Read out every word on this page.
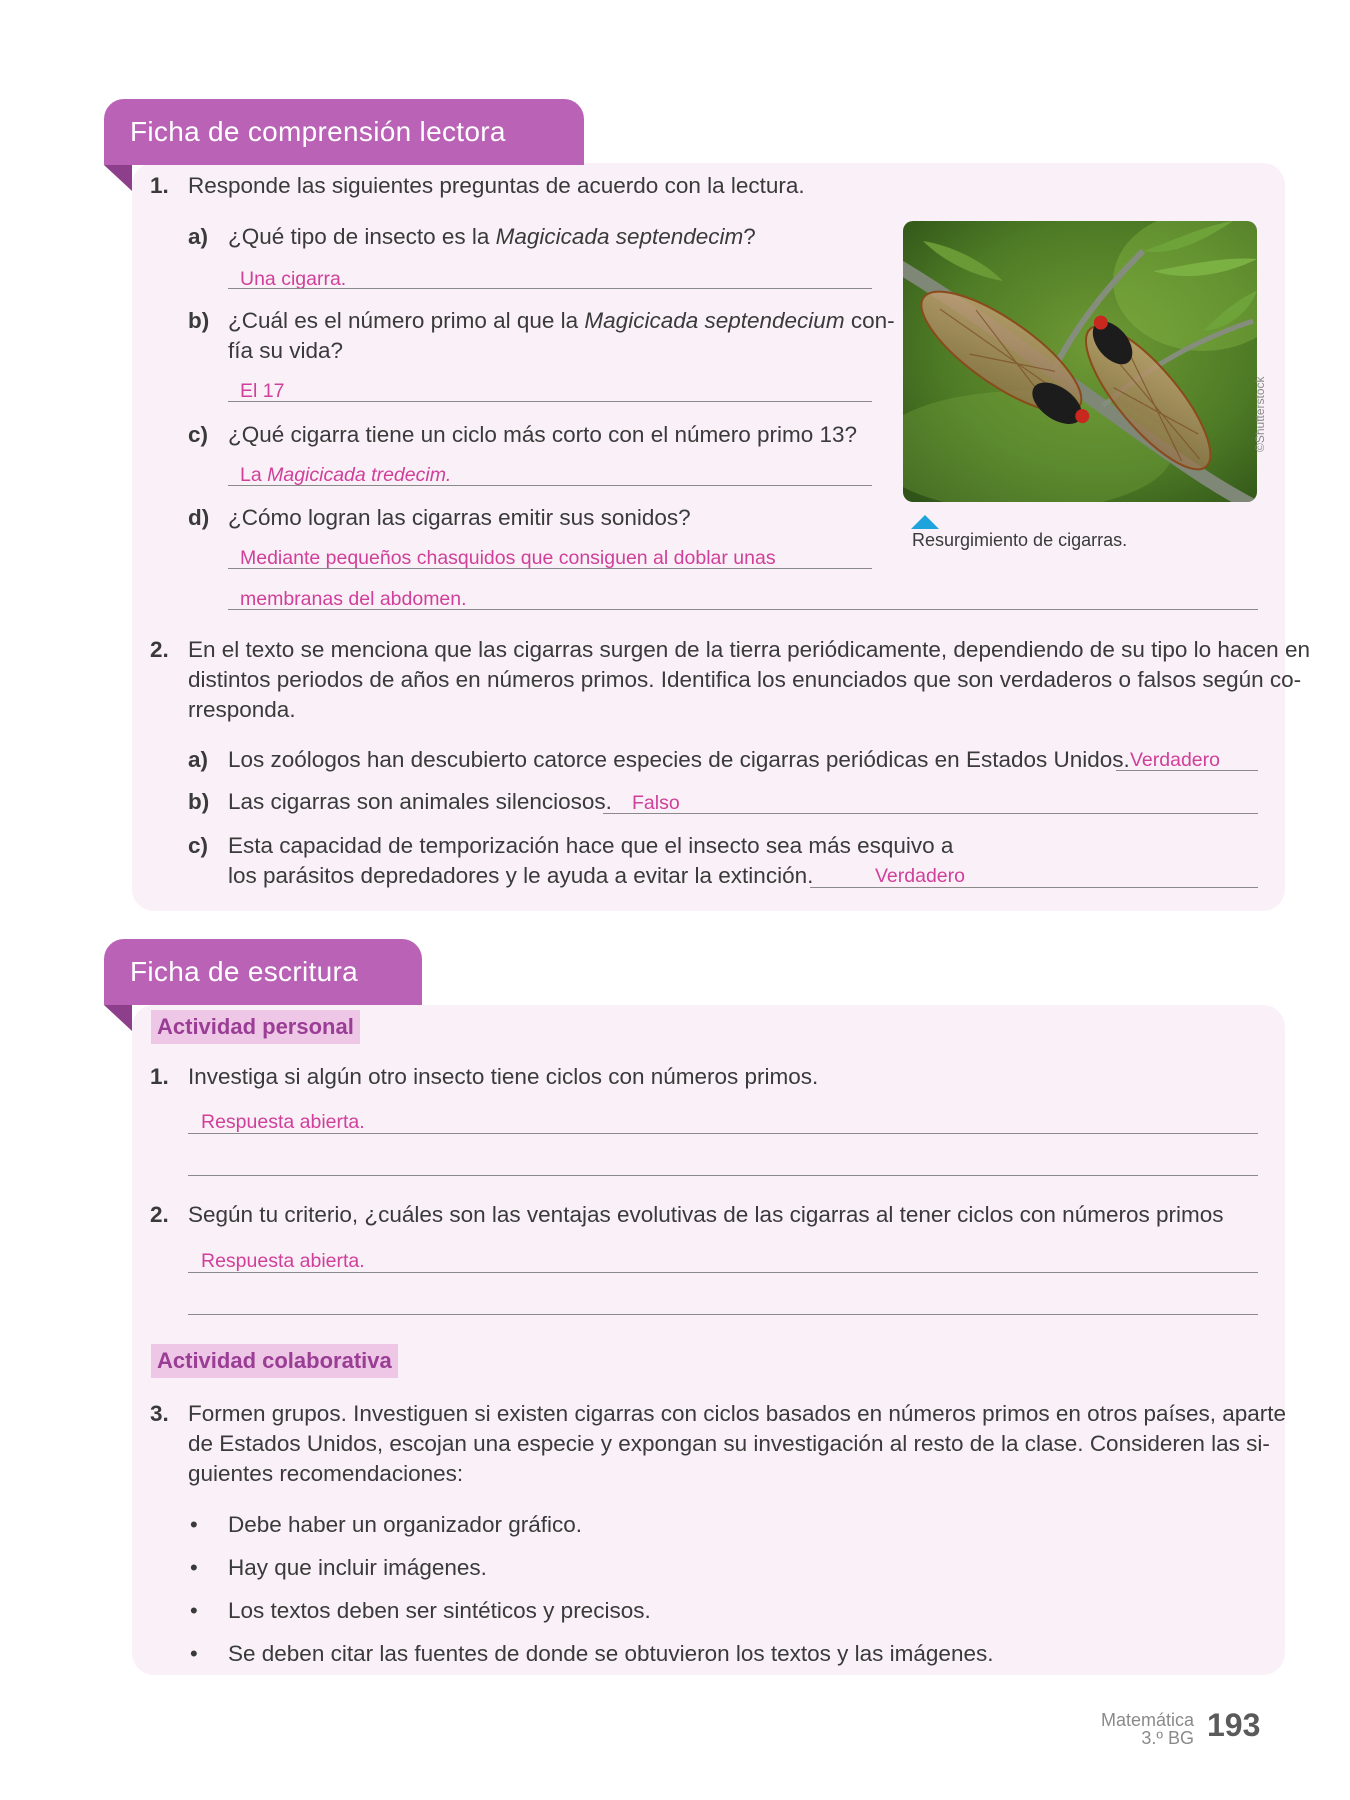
Ficha de comprensión lectora
1. Responde las siguientes preguntas de acuerdo con la lectura.
a) ¿Qué tipo de insecto es la Magicicada septendecim?
Una cigarra.
b) ¿Cuál es el número primo al que la Magicicada septendecium con-
fía su vida?
El 17
c) ¿Qué cigarra tiene un ciclo más corto con el número primo 13?
La Magicicada tredecim.
d) ¿Cómo logran las cigarras emitir sus sonidos?
Mediante pequeños chasquidos que consiguen al doblar unas
membranas del abdomen.
©Shutterstock
Resurgimiento de cigarras.
2. En el texto se menciona que las cigarras surgen de la tierra periódicamente, dependiendo de su tipo lo hacen en
distintos periodos de años en números primos. Identifica los enunciados que son verdaderos o falsos según co-
rresponda.
a) Los zoólogos han descubierto catorce especies de cigarras periódicas en Estados Unidos. Verdadero
b) Las cigarras son animales silenciosos. Falso
c) Esta capacidad de temporización hace que el insecto sea más esquivo a
los parásitos depredadores y le ayuda a evitar la extinción.	Verdadero
Ficha de escritura
Actividad personal
1. Investiga si algún otro insecto tiene ciclos con números primos.
Respuesta abierta.
2. Según tu criterio, ¿cuáles son las ventajas evolutivas de las cigarras al tener ciclos con números primos
Respuesta abierta.
Actividad colaborativa
3. Formen grupos. Investiguen si existen cigarras con ciclos basados en números primos en otros países, aparte
de Estados Unidos, escojan una especie y expongan su investigación al resto de la clase. Consideren las si-
guientes recomendaciones:
• Debe haber un organizador gráfico.
• Hay que incluir imágenes.
• Los textos deben ser sintéticos y precisos.
• Se deben citar las fuentes de donde se obtuvieron los textos y las imágenes.
Matemática
3.º BG 193
